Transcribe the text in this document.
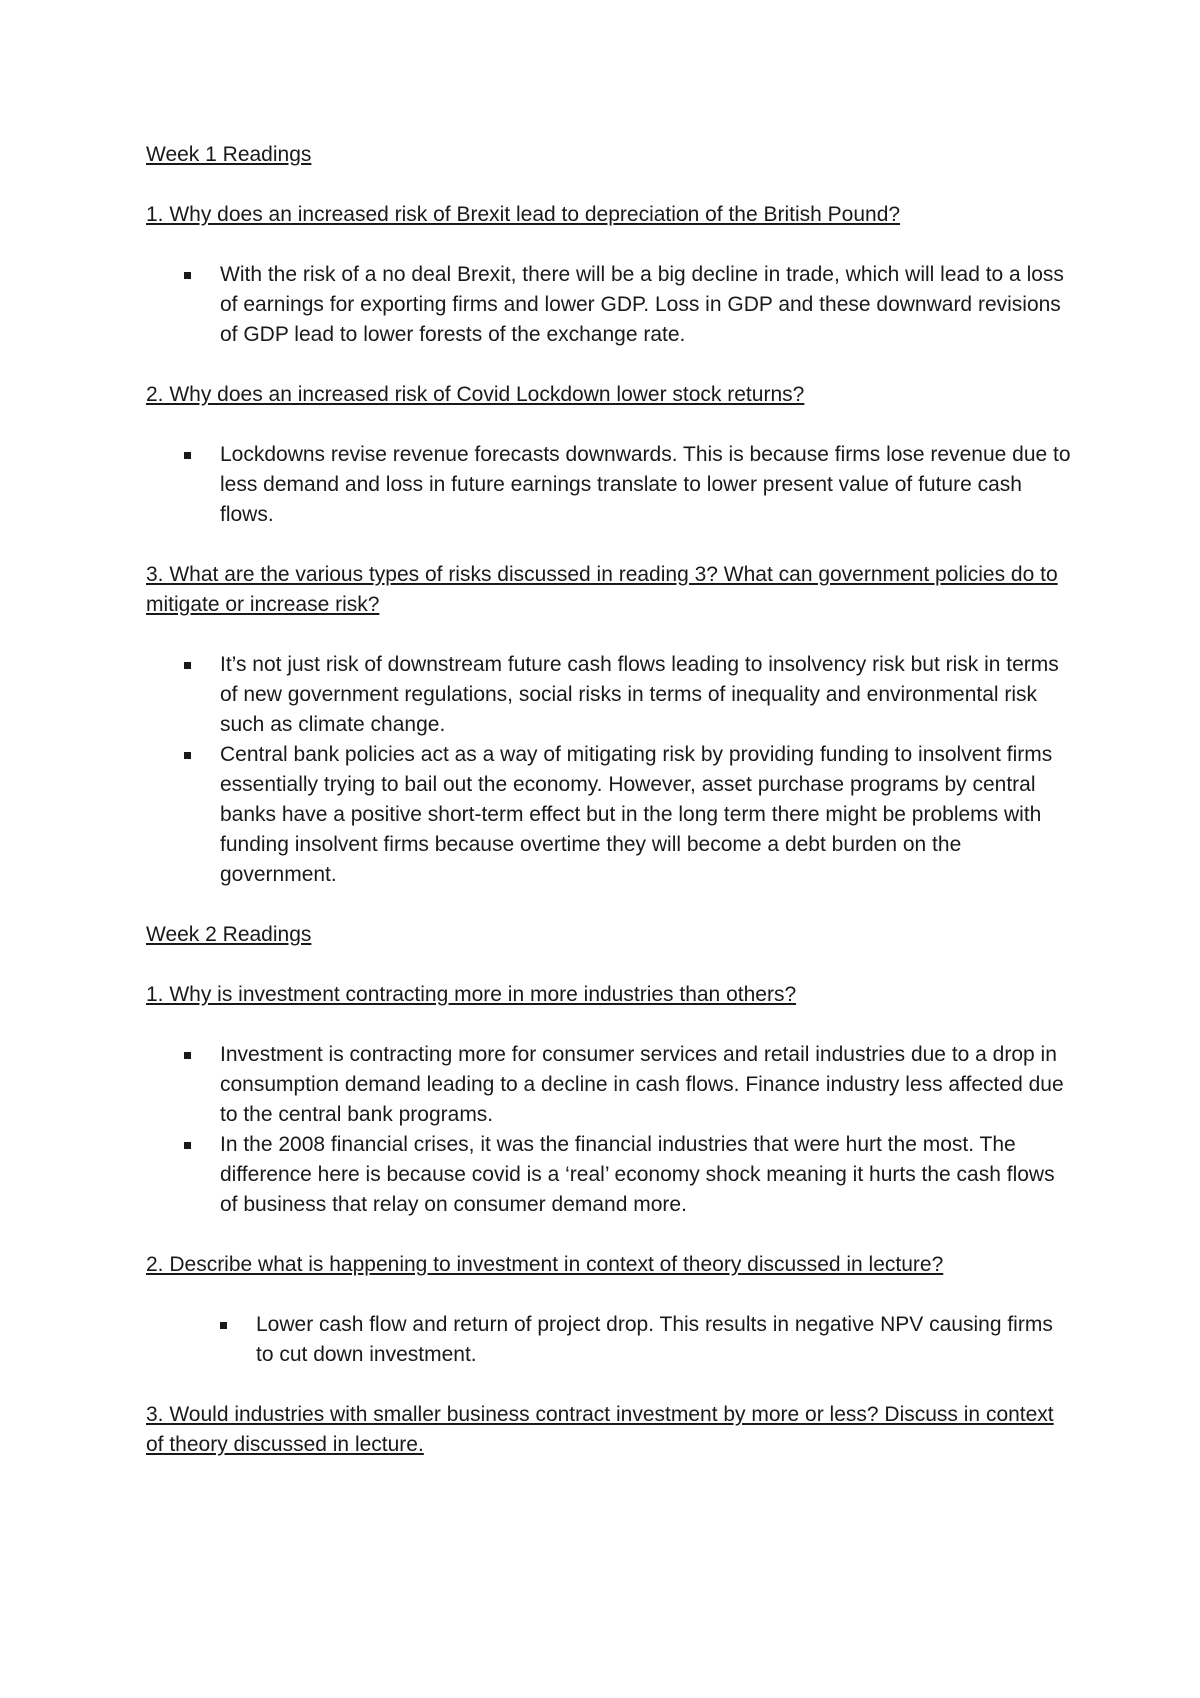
Week 1 Readings

1. Why does an increased risk of Brexit lead to depreciation of the British Pound?

With the risk of a no deal Brexit, there will be a big decline in trade, which will lead to a loss of earnings for exporting firms and lower GDP. Loss in GDP and these downward revisions of GDP lead to lower forests of the exchange rate.

2. Why does an increased risk of Covid Lockdown lower stock returns?

Lockdowns revise revenue forecasts downwards. This is because firms lose revenue due to less demand and loss in future earnings translate to lower present value of future cash flows.

3. What are the various types of risks discussed in reading 3? What can government policies do to mitigate or increase risk?

It’s not just risk of downstream future cash flows leading to insolvency risk but risk in terms of new government regulations, social risks in terms of inequality and environmental risk such as climate change.
Central bank policies act as a way of mitigating risk by providing funding to insolvent firms essentially trying to bail out the economy. However, asset purchase programs by central banks have a positive short-term effect but in the long term there might be problems with funding insolvent firms because overtime they will become a debt burden on the government.
Week 2 Readings

1. Why is investment contracting more in more industries than others?

Investment is contracting more for consumer services and retail industries due to a drop in consumption demand leading to a decline in cash flows. Finance industry less affected due to the central bank programs.
In the 2008 financial crises, it was the financial industries that were hurt the most. The difference here is because covid is a ‘real’ economy shock meaning it hurts the cash flows of business that relay on consumer demand more.

2. Describe what is happening to investment in context of theory discussed in lecture?

Lower cash flow and return of project drop. This results in negative NPV causing firms to cut down investment.

3. Would industries with smaller business contract investment by more or less? Discuss in context of theory discussed in lecture.
